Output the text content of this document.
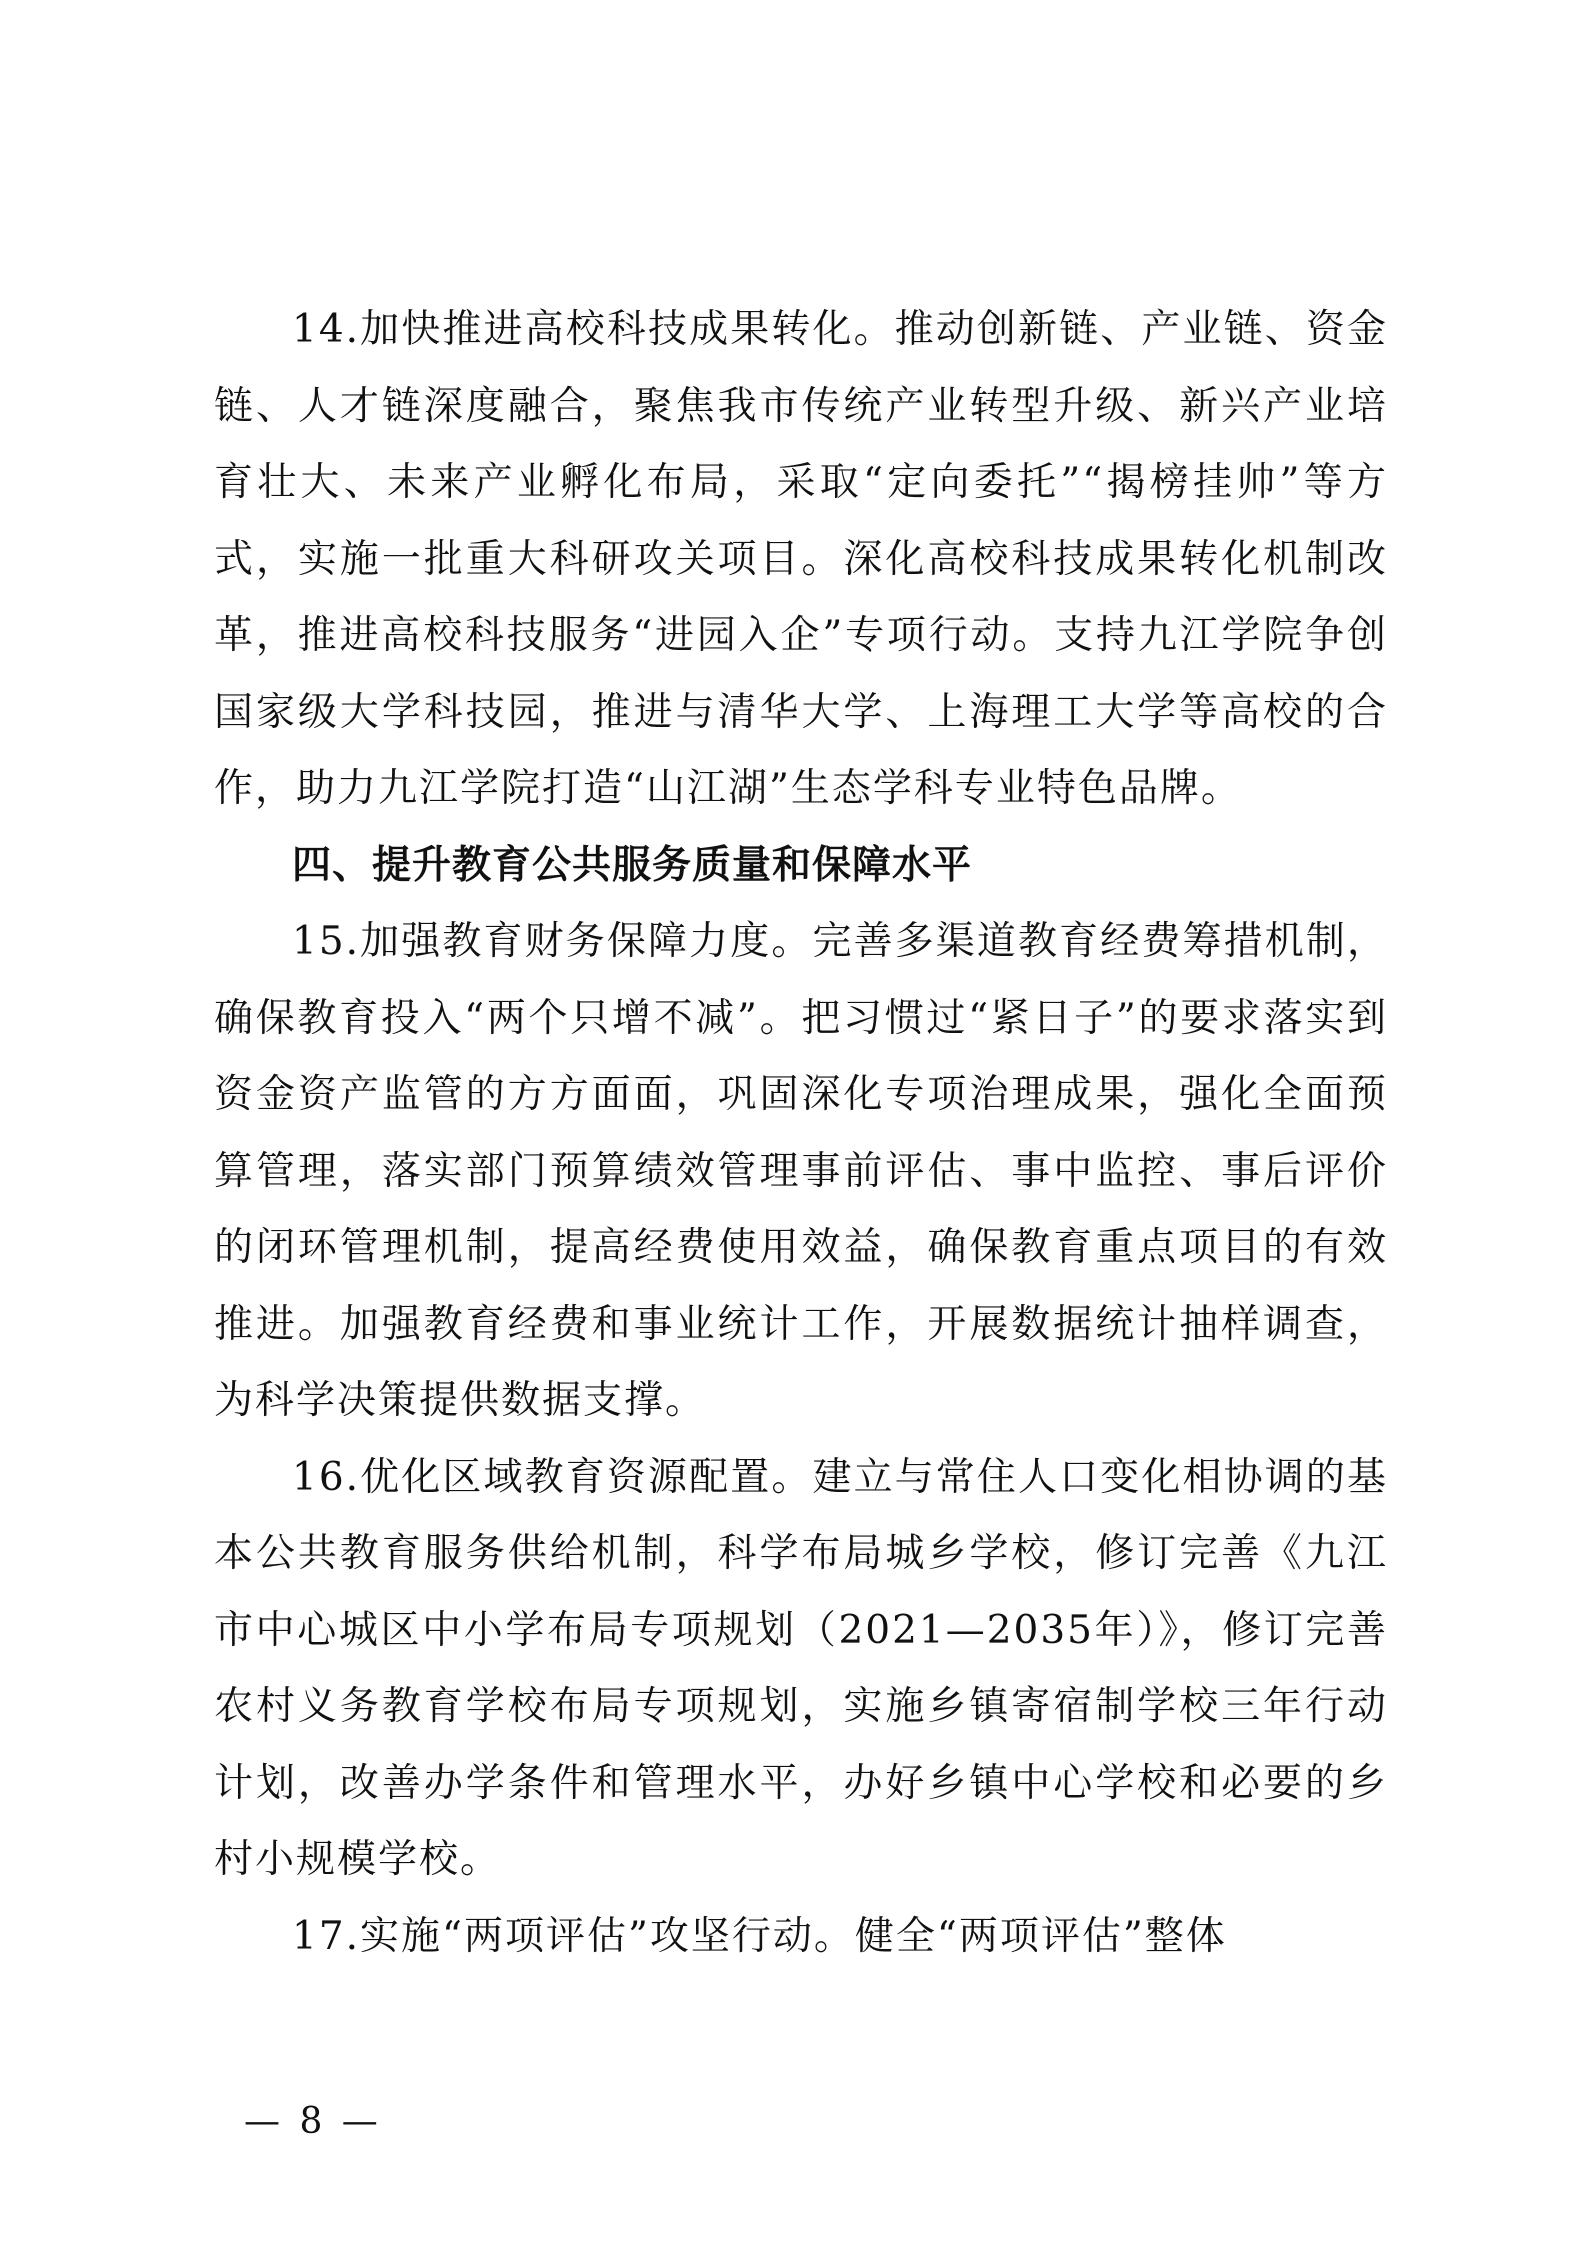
14.加快推进高校科技成果转化。推动创新链、产业链、资金链、人才链深度融合，聚焦我市传统产业转型升级、新兴产业培育壮大、未来产业孵化布局，采取“定向委托”“揭榜挂帅”等方式，实施一批重大科研攻关项目。深化高校科技成果转化机制改革，推进高校科技服务“进园入企”专项行动。支持九江学院争创国家级大学科技园，推进与清华大学、上海理工大学等高校的合作，助力九江学院打造“山江湖”生态学科专业特色品牌。

四、提升教育公共服务质量和保障水平

15.加强教育财务保障力度。完善多渠道教育经费筹措机制，确保教育投入“两个只增不减”。把习惯过“紧日子”的要求落实到资金资产监管的方方面面，巩固深化专项治理成果，强化全面预算管理，落实部门预算绩效管理事前评估、事中监控、事后评价的闭环管理机制，提高经费使用效益，确保教育重点项目的有效推进。加强教育经费和事业统计工作，开展数据统计抽样调查，为科学决策提供数据支撑。

16.优化区域教育资源配置。建立与常住人口变化相协调的基本公共教育服务供给机制，科学布局城乡学校，修订完善《九江市中心城区中小学布局专项规划（2021—2035年）》，修订完善农村义务教育学校布局专项规划，实施乡镇寄宿制学校三年行动计划，改善办学条件和管理水平，办好乡镇中心学校和必要的乡村小规模学校。

17.实施“两项评估”攻坚行动。健全“两项评估”整体

— 8 —
